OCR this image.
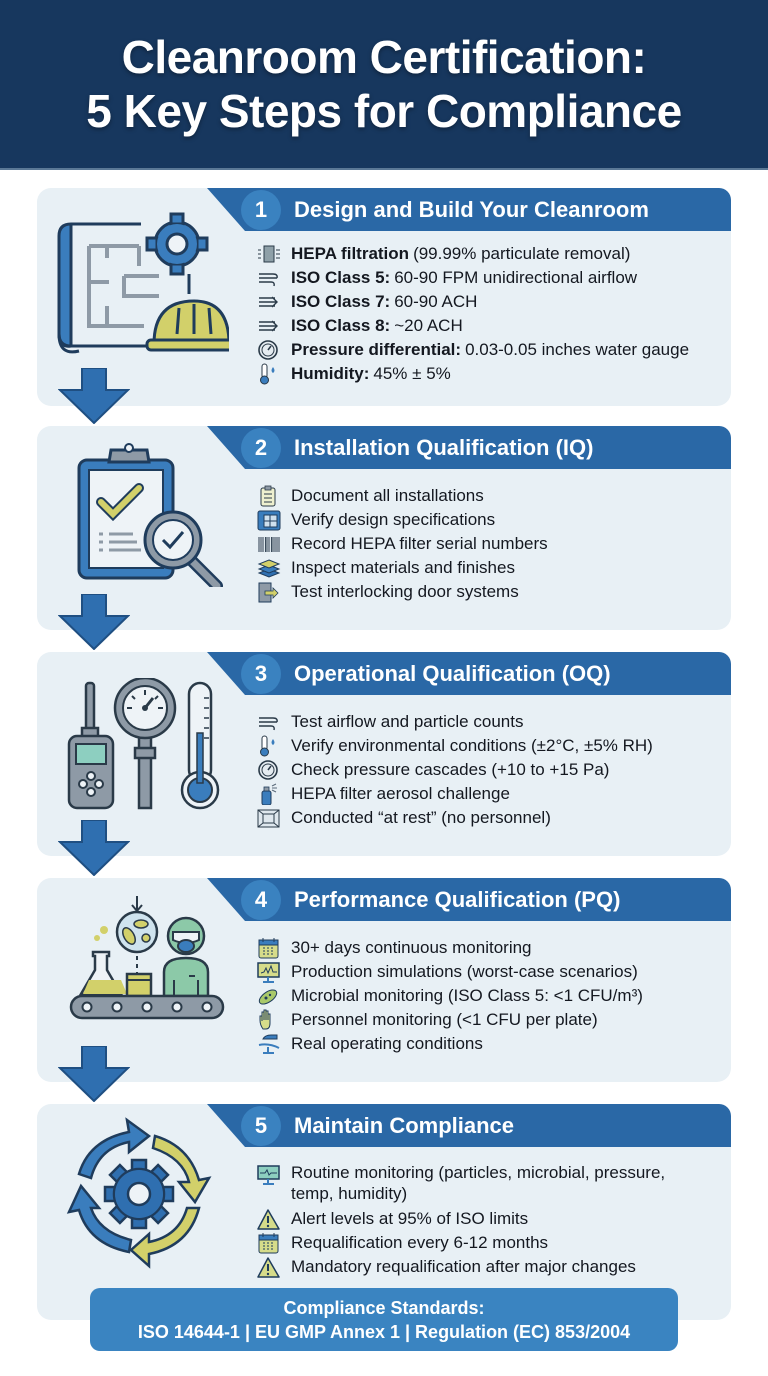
Cleanroom Certification:
5 Key Steps for Compliance
1	Design and Build Your Cleanroom
HEPA filtration (99.99% particulate removal)
ISO Class 5: 60-90 FPM unidirectional airflow
ISO Class 7: 60-90 ACH
ISO Class 8: ~20 ACH
Pressure differential: 0.03-0.05 inches water gauge
Humidity: 45% ± 5%
2	Installation Qualification (IQ)
Document all installations
Verify design specifications
Record HEPA filter serial numbers
Inspect materials and finishes
Test interlocking door systems
3	Operational Qualification (OQ)
Test airflow and particle counts
Verify environmental conditions (±2°C, ±5% RH)
Check pressure cascades (+10 to +15 Pa)
HEPA filter aerosol challenge
Conducted “at rest” (no personnel)
4	Performance Qualification (PQ)
30+ days continuous monitoring
Production simulations (worst-case scenarios)
Microbial monitoring (ISO Class 5: <1 CFU/m³)
Personnel monitoring (<1 CFU per plate)
Real operating conditions
5	Maintain Compliance
Routine monitoring (particles, microbial, pressure, temp, humidity)
Alert levels at 95% of ISO limits
Requalification every 6-12 months
Mandatory requalification after major changes
Compliance Standards:
ISO 14644-1 | EU GMP Annex 1 | Regulation (EC) 853/2004
